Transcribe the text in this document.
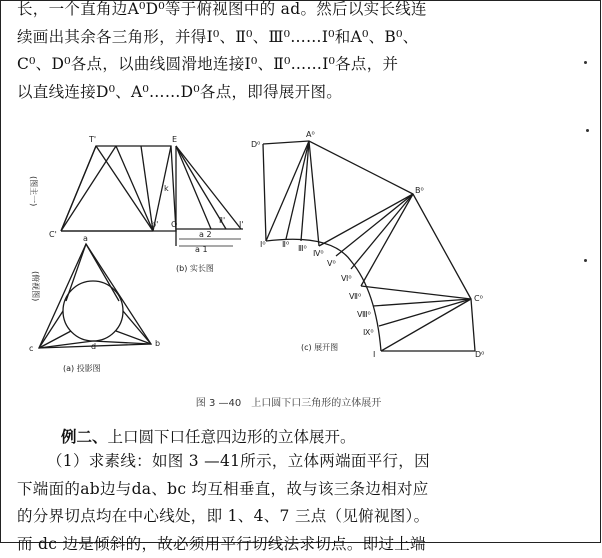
长，一个直角边A⁰D⁰等于俯视图中的 ad。然后以实长线连
续画出其余各三角形，并得Ⅰ⁰、Ⅱ⁰、Ⅲ⁰……Ⅰ⁰和A⁰、B⁰、
C⁰、D⁰各点，以曲线圆滑地连接Ⅰ⁰、Ⅱ⁰……Ⅰ⁰各点，并
以直线连接D⁰、A⁰……D⁰各点，即得展开图。

T'	E
C'
b'
k
Ⅱ' I'
O
a 2
a 1
(图主一)
(俯视图)
(b) 实长图
a
c
b
d
(a) 投影图
D⁰
A⁰
B⁰
C⁰
D⁰
Ⅰ⁰ Ⅱ⁰ Ⅲ⁰
Ⅳ⁰
Ⅴ⁰
Ⅵ⁰
Ⅶ⁰
Ⅷ⁰
Ⅸ⁰
Ⅰ
(c) 展开图
图 3 —40　上口圆下口三角形的立体展开
例二、上口圆下口任意四边形的立体展开。

（1）求素线：如图 3 —41所示，立体两端面平行，因
下端面的ab边与da、bc 均互相垂直，故与该三条边相对应
的分界切点均在中心线处，即 1、4、7 三点（见俯视图）。
而 dc 边是倾斜的，故必须用平行切线法求切点。即过上端
